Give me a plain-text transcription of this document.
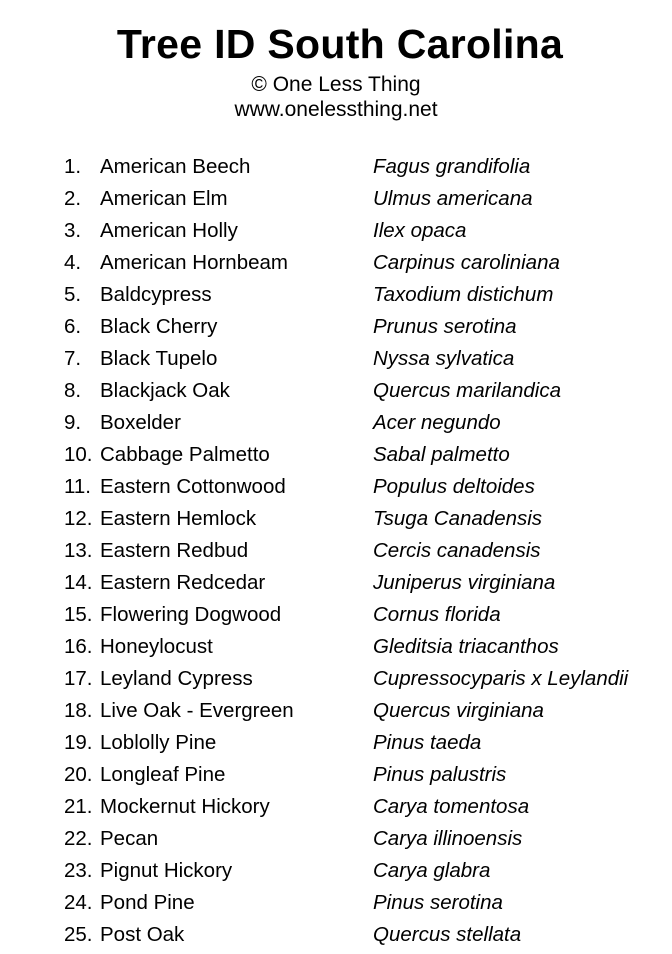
Tree ID South Carolina
© One Less Thing
www.onelessthing.net
1. American Beech	Fagus grandifolia
2. American Elm	Ulmus americana
3. American Holly	Ilex opaca
4. American Hornbeam	Carpinus caroliniana
5. Baldcypress	Taxodium distichum
6. Black Cherry	Prunus serotina
7. Black Tupelo	Nyssa sylvatica
8. Blackjack Oak	Quercus marilandica
9. Boxelder	Acer negundo
10. Cabbage Palmetto	Sabal palmetto
11. Eastern Cottonwood	Populus deltoides
12. Eastern Hemlock	Tsuga Canadensis
13. Eastern Redbud	Cercis canadensis
14. Eastern Redcedar	Juniperus virginiana
15. Flowering Dogwood	Cornus florida
16. Honeylocust	Gleditsia triacanthos
17. Leyland Cypress	Cupressocyparis x Leylandii
18. Live Oak - Evergreen	Quercus virginiana
19. Loblolly Pine	Pinus taeda
20. Longleaf Pine	Pinus palustris
21. Mockernut Hickory	Carya tomentosa
22. Pecan	Carya illinoensis
23. Pignut Hickory	Carya glabra
24. Pond Pine	Pinus serotina
25. Post Oak	Quercus stellata
